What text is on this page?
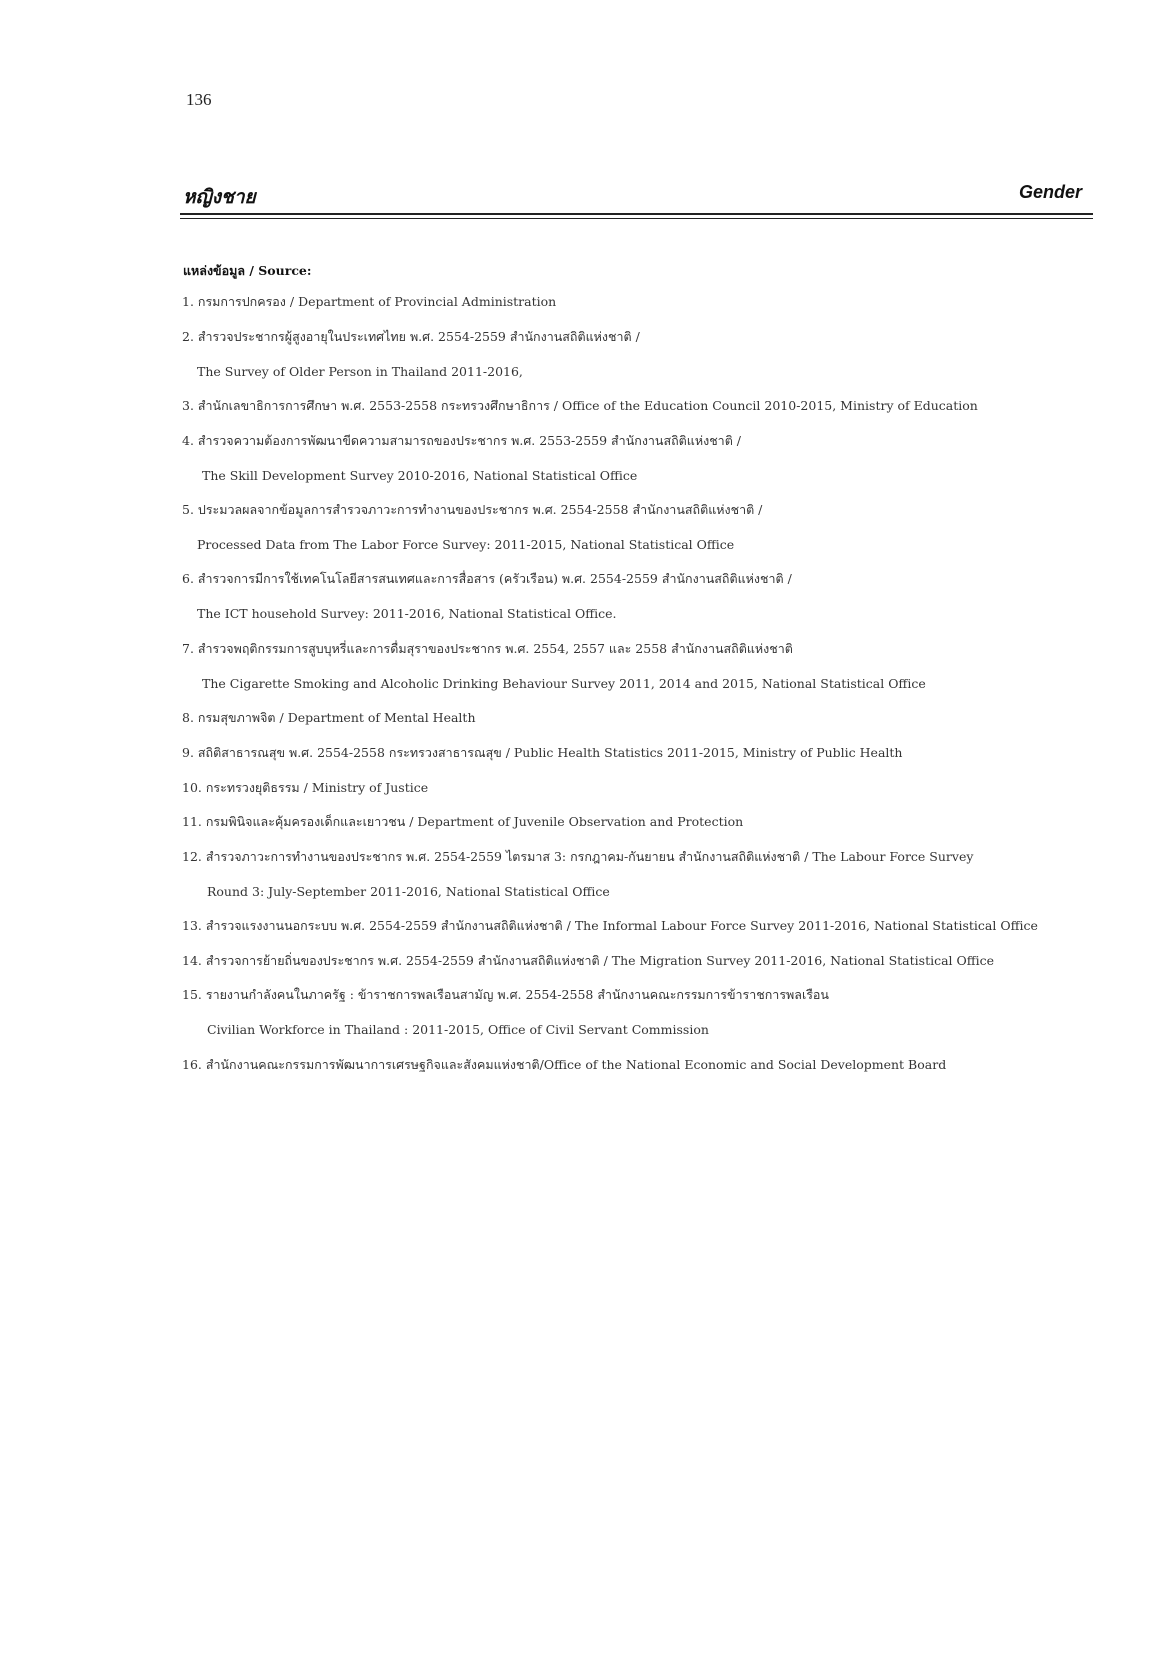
136
หญิงชาย	Gender
แหล่งข้อมูล / Source:
1. กรมการปกครอง / Department of Provincial Administration
2. สำรวจประชากรผู้สูงอายุในประเทศไทย พ.ศ. 2554-2559 สำนักงานสถิติแห่งชาติ /
The Survey of Older Person in Thailand 2011-2016,
3. สำนักเลขาธิการการศึกษา พ.ศ. 2553-2558 กระทรวงศึกษาธิการ / Office of the Education Council 2010-2015, Ministry of Education
4. สำรวจความต้องการพัฒนาขีดความสามารถของประชากร พ.ศ. 2553-2559 สำนักงานสถิติแห่งชาติ /
The Skill Development Survey 2010-2016, National Statistical Office
5. ประมวลผลจากข้อมูลการสำรวจภาวะการทำงานของประชากร พ.ศ. 2554-2558 สำนักงานสถิติแห่งชาติ /
Processed Data from The Labor Force Survey: 2011-2015, National Statistical Office
6. สำรวจการมีการใช้เทคโนโลยีสารสนเทศและการสื่อสาร (ครัวเรือน) พ.ศ. 2554-2559 สำนักงานสถิติแห่งชาติ /
The ICT household Survey: 2011-2016, National Statistical Office.
7. สำรวจพฤติกรรมการสูบบุหรี่และการดื่มสุราของประชากร พ.ศ. 2554, 2557 และ 2558 สำนักงานสถิติแห่งชาติ
The Cigarette Smoking and Alcoholic Drinking Behaviour Survey 2011, 2014 and 2015, National Statistical Office
8. กรมสุขภาพจิต / Department of Mental Health
9. สถิติสาธารณสุข พ.ศ. 2554-2558 กระทรวงสาธารณสุข / Public Health Statistics 2011-2015, Ministry of Public Health
10. กระทรวงยุติธรรม / Ministry of Justice
11. กรมพินิจและคุ้มครองเด็กและเยาวชน / Department of Juvenile Observation and Protection
12. สำรวจภาวะการทำงานของประชากร พ.ศ. 2554-2559 ไตรมาส 3: กรกฎาคม-กันยายน สำนักงานสถิติแห่งชาติ / The Labour Force Survey
Round 3: July-September 2011-2016, National Statistical Office
13. สำรวจแรงงานนอกระบบ พ.ศ. 2554-2559 สำนักงานสถิติแห่งชาติ / The Informal Labour Force Survey 2011-2016, National Statistical Office
14. สำรวจการย้ายถิ่นของประชากร พ.ศ. 2554-2559 สำนักงานสถิติแห่งชาติ / The Migration Survey 2011-2016, National Statistical Office
15. รายงานกำลังคนในภาครัฐ : ข้าราชการพลเรือนสามัญ พ.ศ. 2554-2558 สำนักงานคณะกรรมการข้าราชการพลเรือน
Civilian Workforce in Thailand : 2011-2015, Office of Civil Servant Commission
16. สำนักงานคณะกรรมการพัฒนาการเศรษฐกิจและสังคมแห่งชาติ/Office of the National Economic and Social Development Board
